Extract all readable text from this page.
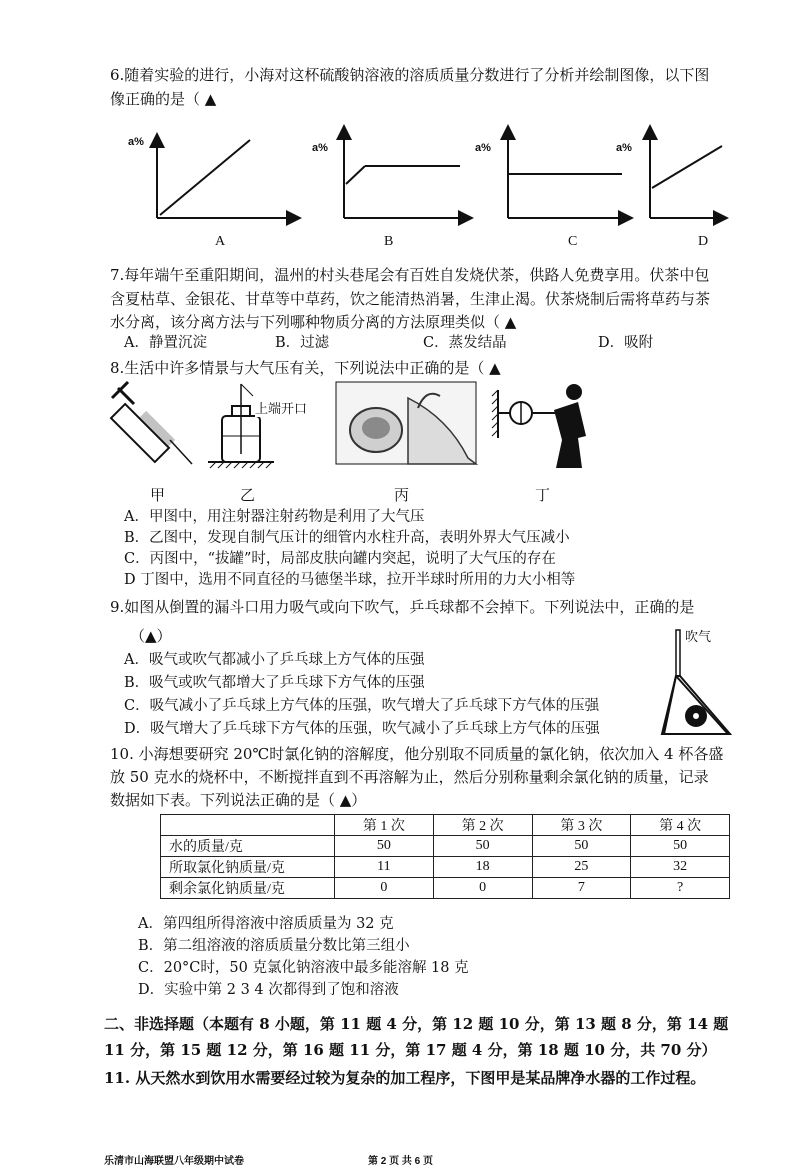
6.随着实验的进行，小海对这杯硫酸钠溶液的溶质质量分数进行了分析并绘制图像，以下图
像正确的是（ ▲
a%	a%	a%	a%
A	B	C	D
7.每年端午至重阳期间，温州的村头巷尾会有百姓自发烧伏茶，供路人免费享用。伏茶中包
含夏枯草、金银花、甘草等中草药，饮之能清热消暑，生津止渴。伏茶烧制后需将草药与茶
水分离，该分离方法与下列哪种物质分离的方法原理类似（ ▲
A．静置沉淀	B．过滤	C．蒸发结晶	D．吸附
8.生活中许多情景与大气压有关，下列说法中正确的是（ ▲
上端开口
甲	乙	丙	丁
A．甲图中，用注射器注射药物是利用了大气压
B．乙图中，发现自制气压计的细管内水柱升高，表明外界大气压减小
C．丙图中，“拔罐”时，局部皮肤向罐内突起，说明了大气压的存在
D 丁图中，选用不同直径的马德堡半球，拉开半球时所用的力大小相等
9.如图从倒置的漏斗口用力吸气或向下吹气，乒乓球都不会掉下。下列说法中，正确的是
（▲）	吹气
A．吸气或吹气都减小了乒乓球上方气体的压强
B．吸气或吹气都增大了乒乓球下方气体的压强
C．吸气减小了乒乓球上方气体的压强，吹气增大了乒乓球下方气体的压强
D．吸气增大了乒乓球下方气体的压强，吹气减小了乒乓球上方气体的压强
10. 小海想要研究 20℃时氯化钠的溶解度，他分别取不同质量的氯化钠，依次加入 4 杯各盛
放 50 克水的烧杯中，不断搅拌直到不再溶解为止，然后分别称量剩余氯化钠的质量，记录
数据如下表。下列说法正确的是（ ▲）
	第 1 次	第 2 次	第 3 次	第 4 次
水的质量/克	50	50	50	50
所取氯化钠质量/克	11	18	25	32
剩余氯化钠质量/克	0	0	7	?
A．第四组所得溶液中溶质质量为 32 克
B．第二组溶液的溶质质量分数比第三组小
C．20°C时，50 克氯化钠溶液中最多能溶解 18 克
D．实验中第 2 3 4 次都得到了饱和溶液
二、非选择题（本题有 8 小题，第 11 题 4 分，第 12 题 10 分，第 13 题 8 分，第 14 题
11 分，第 15 题 12 分，第 16 题 11 分，第 17 题 4 分，第 18 题 10 分，共 70 分）
11. 从天然水到饮用水需要经过较为复杂的加工程序，下图甲是某品牌净水器的工作过程。
乐清市山海联盟八年级期中试卷	第 2 页 共 6 页
